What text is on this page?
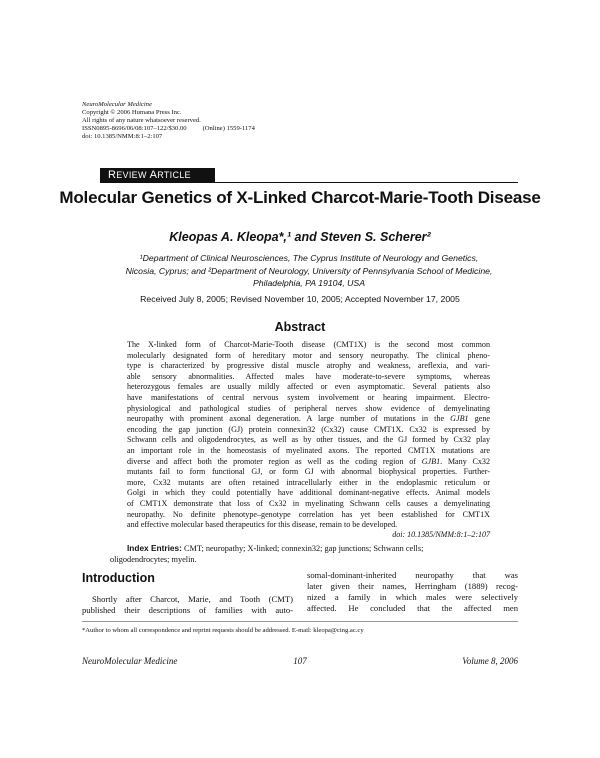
NeuroMolecular Medicine
Copyright © 2006 Humana Press Inc.
All rights of any nature whatsoever reserved.
ISSN0895-8696/06/08:107–122/$30.00 (Online) 1559-1174
doi: 10.1385/NMM:8:1–2:107
REVIEW ARTICLE
Molecular Genetics of X-Linked Charcot-Marie-Tooth Disease
Kleopas A. Kleopa*,¹ and Steven S. Scherer²
¹Department of Clinical Neurosciences, The Cyprus Institute of Neurology and Genetics,
Nicosia, Cyprus; and ²Department of Neurology, University of Pennsylvania School of Medicine,
Philadelphia, PA 19104, USA
Received July 8, 2005; Revised November 10, 2005; Accepted November 17, 2005
Abstract
The X-linked form of Charcot-Marie-Tooth disease (CMT1X) is the second most common
molecularly designated form of hereditary motor and sensory neuropathy. The clinical pheno-
type is characterized by progressive distal muscle atrophy and weakness, areflexia, and vari-
able sensory abnormalities. Affected males have moderate-to-severe symptoms, whereas
heterozygous females are usually mildly affected or even asymptomatic. Several patients also
have manifestations of central nervous system involvement or hearing impairment. Electro-
physiological and pathological studies of peripheral nerves show evidence of demyelinating
neuropathy with prominent axonal degeneration. A large number of mutations in the GJB1 gene
encoding the gap junction (GJ) protein connexin32 (Cx32) cause CMT1X. Cx32 is expressed by
Schwann cells and oligodendrocytes, as well as by other tissues, and the GJ formed by Cx32 play
an important role in the homeostasis of myelinated axons. The reported CMT1X mutations are
diverse and affect both the promoter region as well as the coding region of GJB1. Many Cx32
mutants fail to form functional GJ, or form GJ with abnormal biophysical properties. Further-
more, Cx32 mutants are often retained intracellularly either in the endoplasmic reticulum or
Golgi in which they could potentially have additional dominant-negative effects. Animal models
of CMT1X demonstrate that loss of Cx32 in myelinating Schwann cells causes a demyelinating
neuropathy. No definite phenotype–genotype correlation has yet been established for CMT1X
and effective molecular based therapeutics for this disease, remain to be developed.
doi: 10.1385/NMM:8:1–2:107
Index Entries: CMT; neuropathy; X-linked; connexin32; gap junctions; Schwann cells;
oligodendrocytes; myelin.
Introduction
Shortly after Charcot, Marie, and Tooth (CMT)
published their descriptions of families with auto-
somal-dominant-inherited neuropathy that was
later given their names, Herringham (1889) recog-
nized a family in which males were selectively
affected. He concluded that the affected men
*Author to whom all correspondence and reprint requests should be addressed. E-mail: kleopa@cing.ac.cy
NeuroMolecular Medicine	107	Volume 8, 2006
